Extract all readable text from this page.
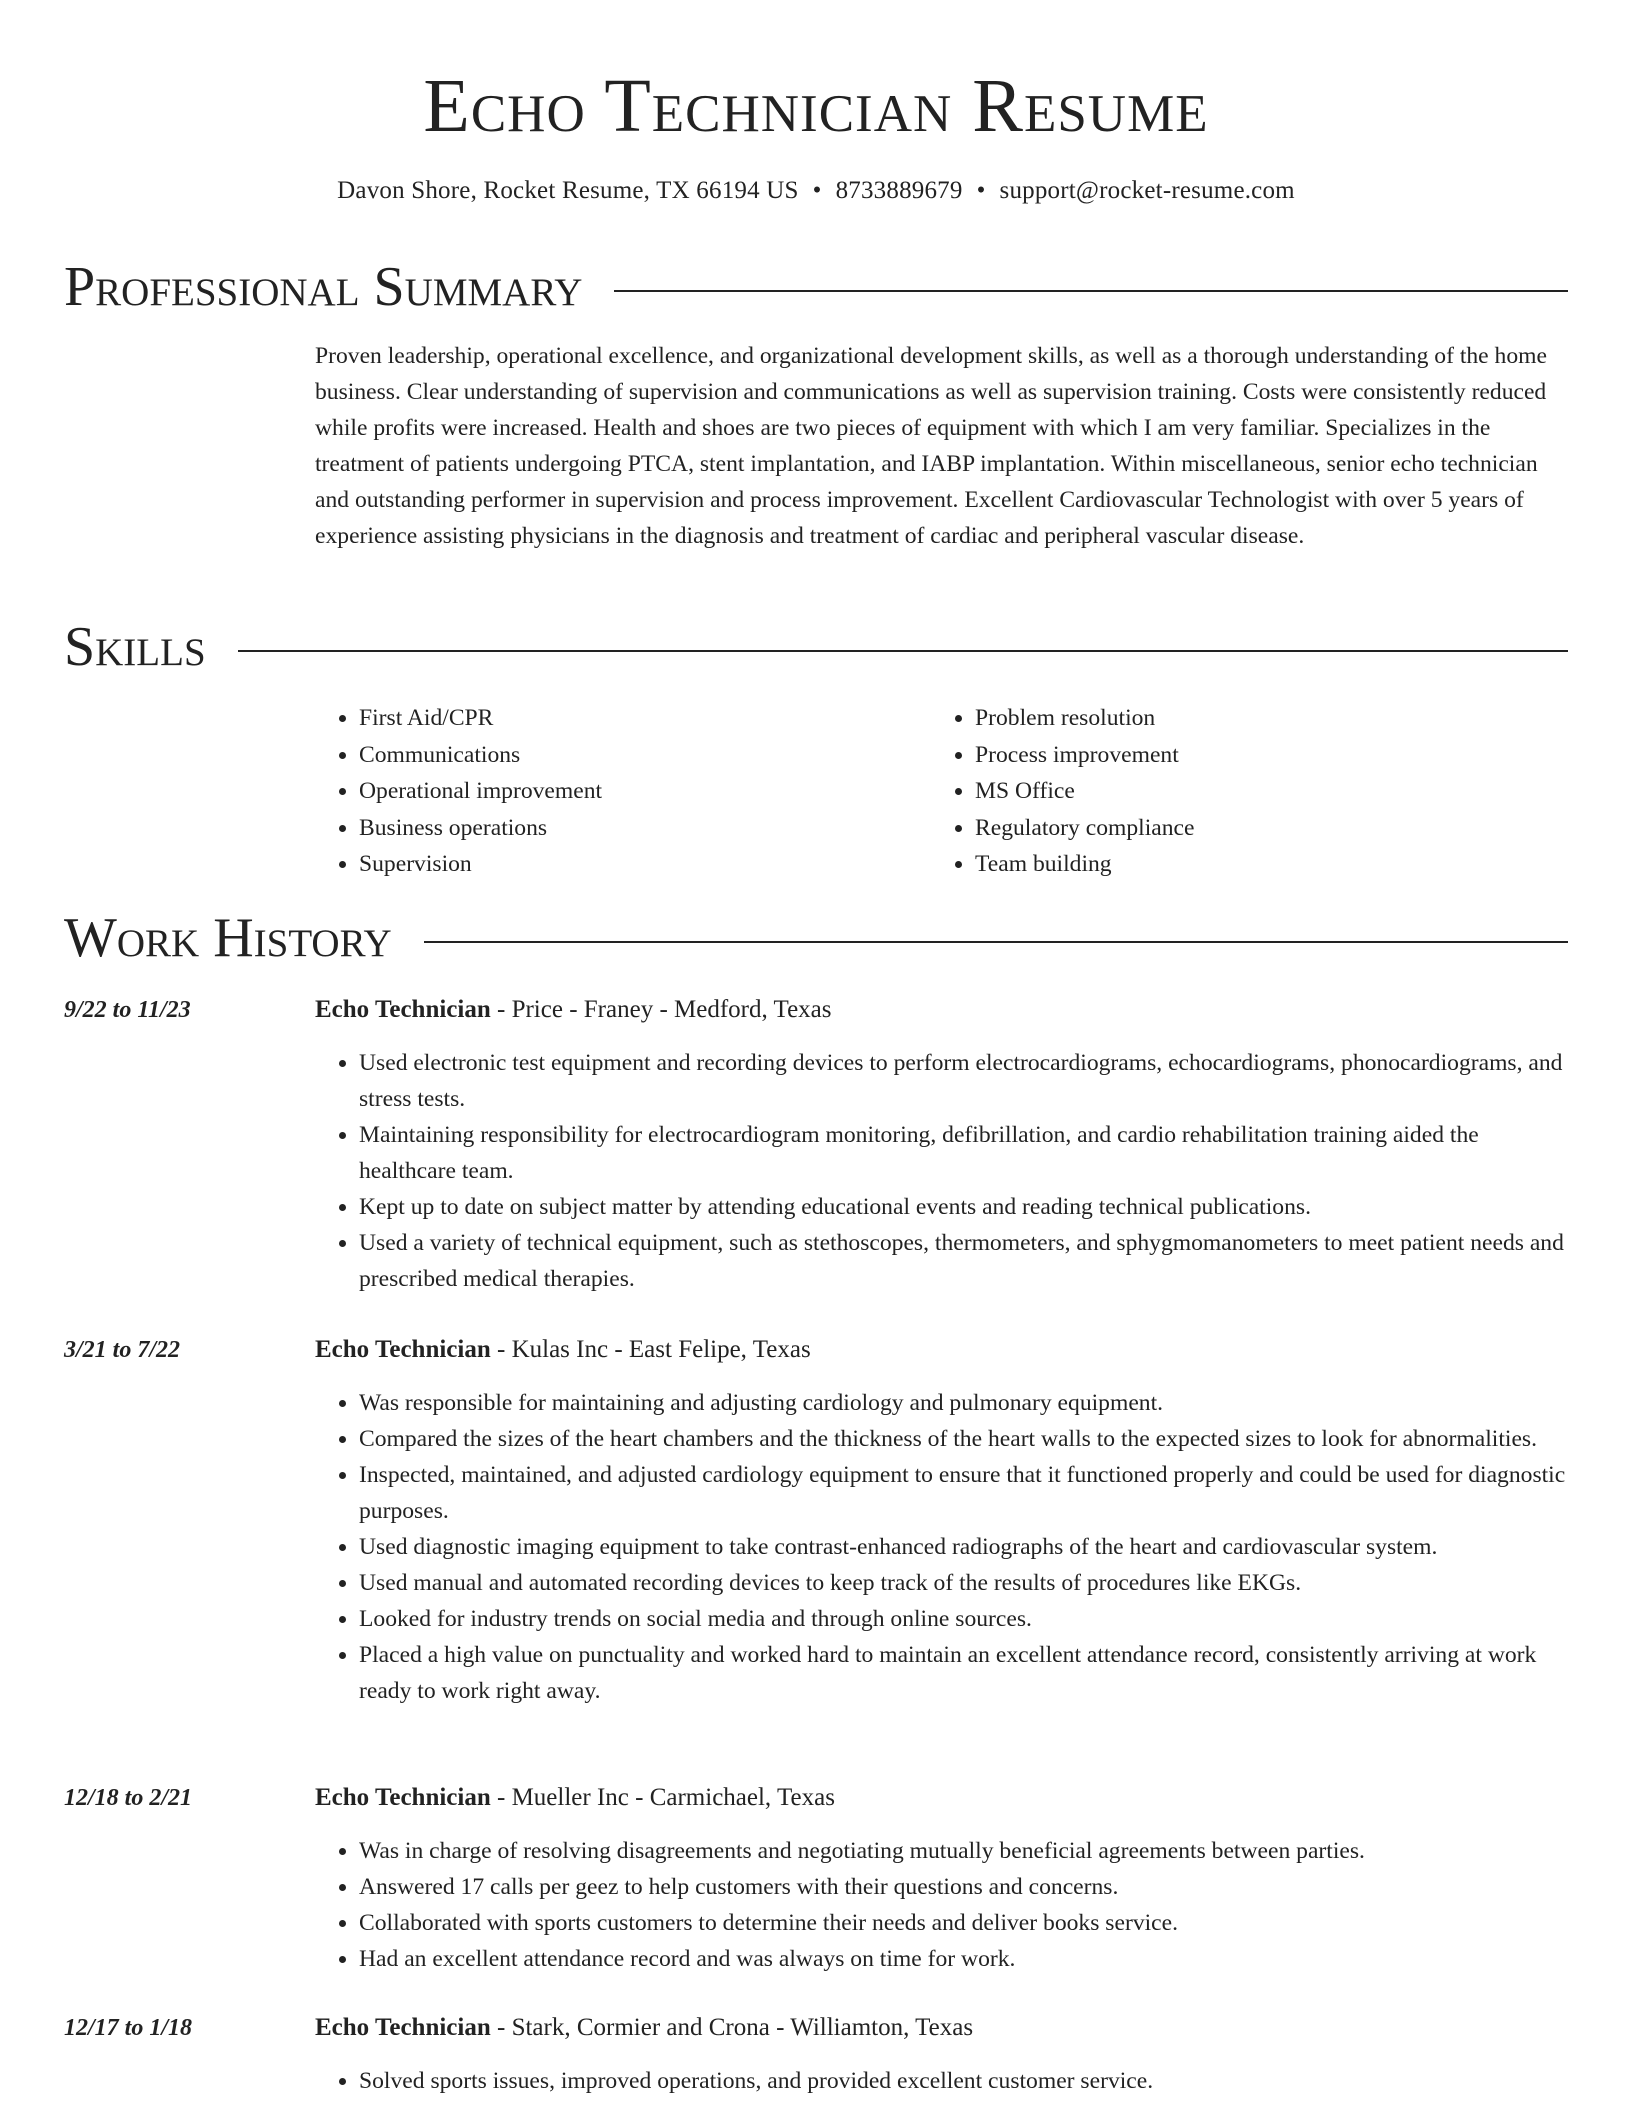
Echo Technician Resume
Davon Shore, Rocket Resume, TX 66194 US • 8733889679 • support@rocket-resume.com
Professional Summary

Proven leadership, operational excellence, and organizational development skills, as well as a thorough understanding of the home business. Clear understanding of supervision and communications as well as supervision training. Costs were consistently reduced while profits were increased. Health and shoes are two pieces of equipment with which I am very familiar. Specializes in the treatment of patients undergoing PTCA, stent implantation, and IABP implantation. Within miscellaneous, senior echo technician and outstanding performer in supervision and process improvement. Excellent Cardiovascular Technologist with over 5 years of experience assisting physicians in the diagnosis and treatment of cardiac and peripheral vascular disease.

Skills
• First Aid/CPR
• Communications
• Operational improvement
• Business operations
• Supervision
• Problem resolution
• Process improvement
• MS Office
• Regulatory compliance
• Team building
Work History
9/22 to 11/23	Echo Technician - Price - Franey - Medford, Texas
• Used electronic test equipment and recording devices to perform electrocardiograms, echocardiograms, phonocardiograms, and stress tests.
• Maintaining responsibility for electrocardiogram monitoring, defibrillation, and cardio rehabilitation training aided the healthcare team.
• Kept up to date on subject matter by attending educational events and reading technical publications.
• Used a variety of technical equipment, such as stethoscopes, thermometers, and sphygmomanometers to meet patient needs and prescribed medical therapies.
3/21 to 7/22	Echo Technician - Kulas Inc - East Felipe, Texas
• Was responsible for maintaining and adjusting cardiology and pulmonary equipment.
• Compared the sizes of the heart chambers and the thickness of the heart walls to the expected sizes to look for abnormalities.
• Inspected, maintained, and adjusted cardiology equipment to ensure that it functioned properly and could be used for diagnostic purposes.
• Used diagnostic imaging equipment to take contrast-enhanced radiographs of the heart and cardiovascular system.
• Used manual and automated recording devices to keep track of the results of procedures like EKGs.
• Looked for industry trends on social media and through online sources.
• Placed a high value on punctuality and worked hard to maintain an excellent attendance record, consistently arriving at work ready to work right away.
12/18 to 2/21	Echo Technician - Mueller Inc - Carmichael, Texas
• Was in charge of resolving disagreements and negotiating mutually beneficial agreements between parties.
• Answered 17 calls per geez to help customers with their questions and concerns.
• Collaborated with sports customers to determine their needs and deliver books service.
• Had an excellent attendance record and was always on time for work.
12/17 to 1/18	Echo Technician - Stark, Cormier and Crona - Williamton, Texas
• Solved sports issues, improved operations, and provided excellent customer service.
